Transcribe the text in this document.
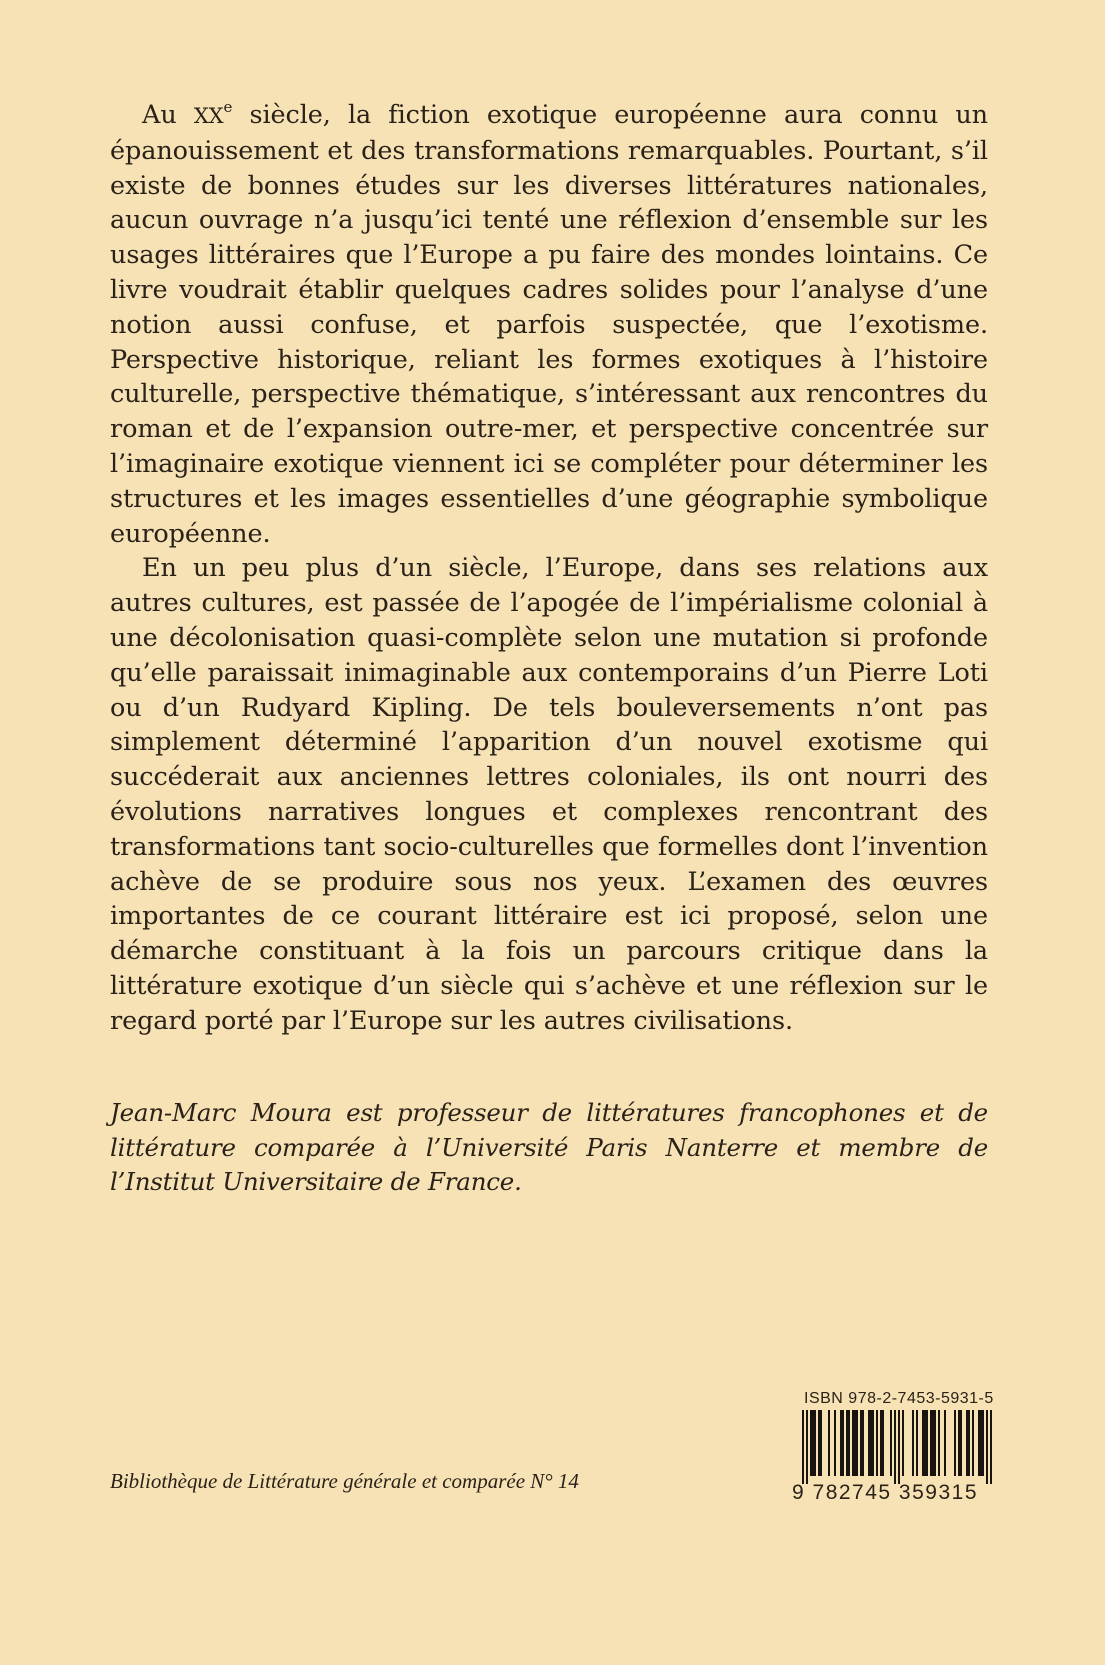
Au XXe siècle, la fiction exotique européenne aura connu un épanouissement et des transformations remarquables. Pourtant, s’il existe de bonnes études sur les diverses littératures nationales, aucun ouvrage n’a jusqu’ici tenté une réflexion d’ensemble sur les usages littéraires que l’Europe a pu faire des mondes lointains. Ce livre voudrait établir quelques cadres solides pour l’analyse d’une notion aussi confuse, et parfois suspectée, que l’exotisme. Perspective historique, reliant les formes exotiques à l’histoire culturelle, perspective thématique, s’intéressant aux rencontres du roman et de l’expansion outre-mer, et perspective concentrée sur l’imaginaire exotique viennent ici se compléter pour déterminer les structures et les images essentielles d’une géographie symbolique européenne.

En un peu plus d’un siècle, l’Europe, dans ses relations aux autres cultures, est passée de l’apogée de l’impérialisme colonial à une décolonisation quasi-complète selon une mutation si profonde qu’elle paraissait inimaginable aux contemporains d’un Pierre Loti ou d’un Rudyard Kipling. De tels bouleversements n’ont pas simplement déterminé l’apparition d’un nouvel exotisme qui succéderait aux anciennes lettres coloniales, ils ont nourri des évolutions narratives longues et complexes rencontrant des transformations tant socio-culturelles que formelles dont l’invention achève de se produire sous nos yeux. L’examen des œuvres importantes de ce courant littéraire est ici proposé, selon une démarche constituant à la fois un parcours critique dans la littérature exotique d’un siècle qui s’achève et une réflexion sur le regard porté par l’Europe sur les autres civilisations.

Jean-Marc Moura est professeur de littératures francophones et de littérature comparée à l’Université Paris Nanterre et membre de l’Institut Universitaire de France.
Bibliothèque de Littérature générale et comparée N° 14
ISBN 978-2-7453-5931-5
9 782745 359315
